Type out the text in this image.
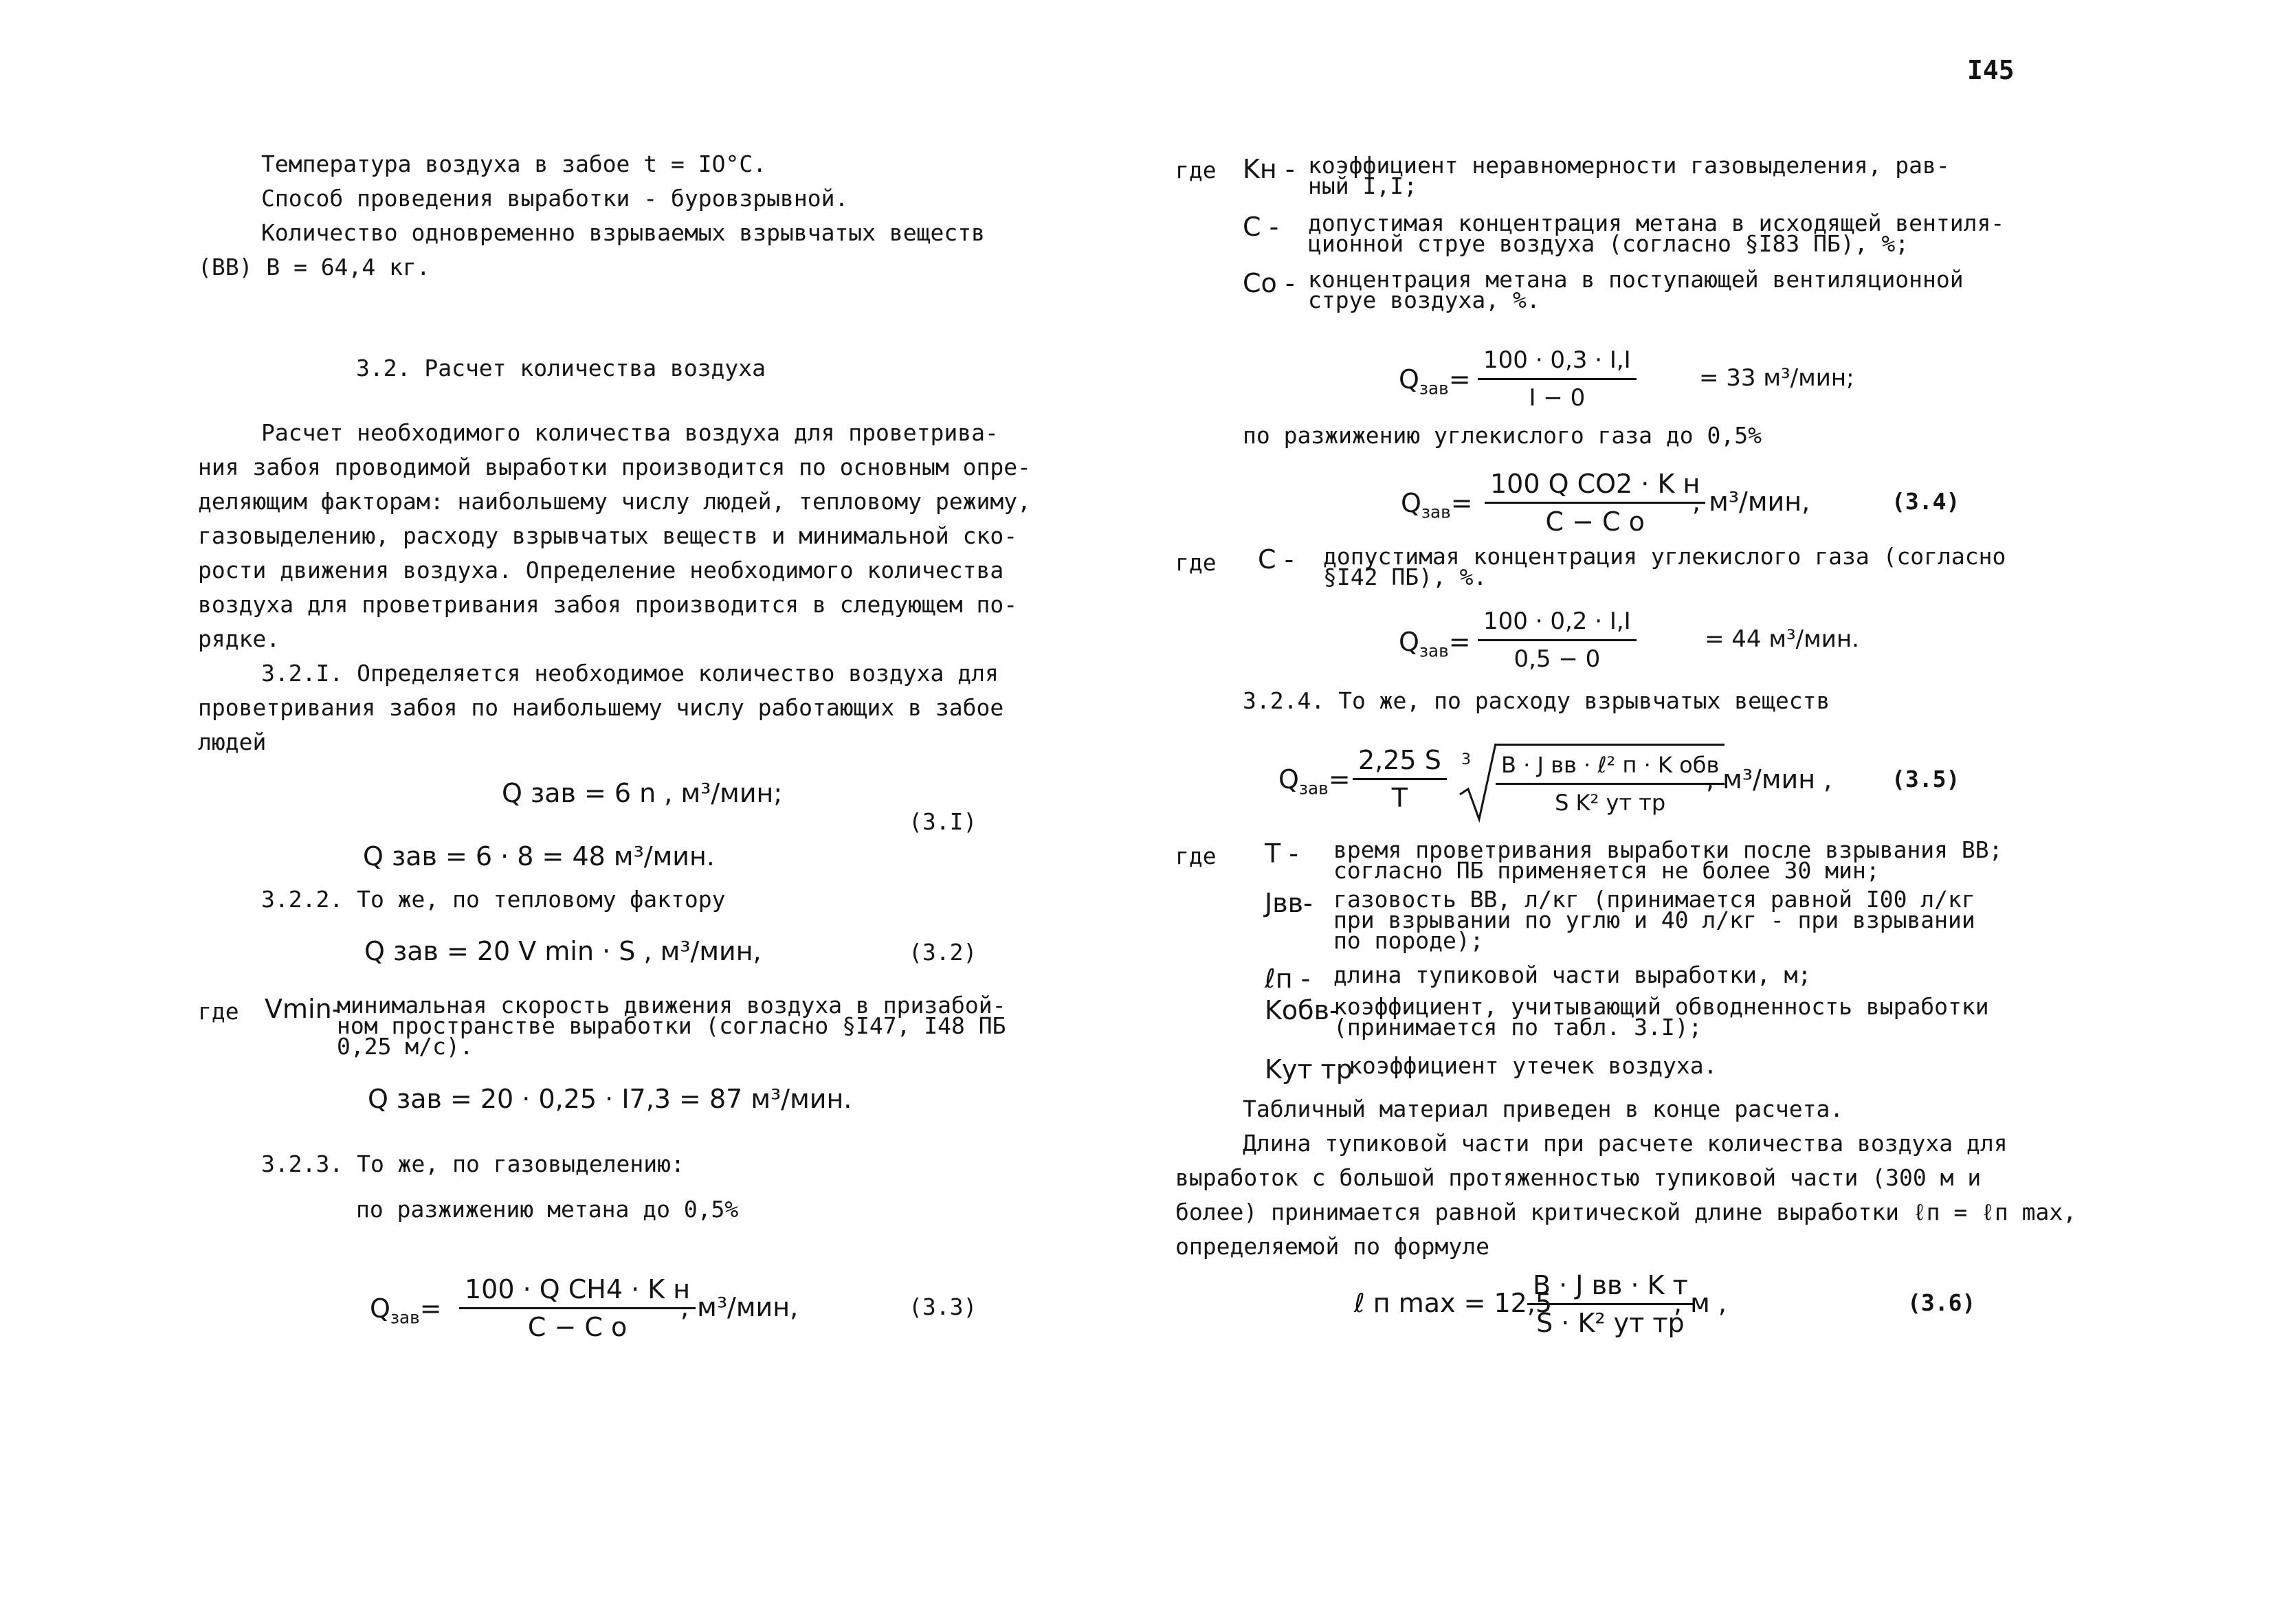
I45
Температура воздуха в забое t = IO°С.
Способ проведения выработки - буровзрывной.
Количество одновременно взрываемых взрывчатых веществ
(ВВ) В = 64,4 кг.
3.2. Расчет количества воздуха
Расчет необходимого количества воздуха для проветрива-
ния забоя проводимой выработки производится по основным опре-
деляющим факторам: наибольшему числу людей, тепловому режиму,
газовыделению, расходу взрывчатых веществ и минимальной ско-
рости движения воздуха. Определение необходимого количества
воздуха для проветривания забоя производится в следующем по-
рядке.
3.2.I. Определяется необходимое количество воздуха для
проветривания забоя по наибольшему числу работающих в забое
людей
Q зав = 6 n , м³/мин;
(3.I)
Q зав = 6 · 8 = 48 м³/мин.
3.2.2. То же, по тепловому фактору
Q зав = 20 V min · S , м³/мин,	(3.2)
где Vmin-
минимальная скорость движения воздуха в призабой-
ном пространстве выработки (согласно §I47, I48 ПБ
0,25 м/с).
Q зав = 20 · 0,25 · I7,3 = 87 м³/мин.
3.2.3. То же, по газовыделению:
по разжижению метана до 0,5%
$Q_{зав}=$
100 · Q CH4 · K н
C − C o
, м³/мин,	(3.3)
где Kн - коэффициент неравномерности газовыделения, рав-
ный I,I;
C - допустимая концентрация метана в исходящей вентиля-
ционной струе воздуха (согласно §I83 ПБ), %;
Co - концентрация метана в поступающей вентиляционной
струе воздуха, %.
$Q_{зав}= \frac{100 \cdot 0,3 \cdot I,I}{I - 0}$	= 33 м³/мин;
по разжижению углекислого газа до 0,5%
$Q_{зав}=$
100 Q CO2 · K н
C − C o
, м³/мин,	(3.4)
где C - допустимая концентрация углекислого газа (согласно
§I42 ПБ), %.
$Q_{зав}= \frac{100 \cdot 0,2 \cdot I,I}{0,5 - 0}$	= 44 м³/мин.
3.2.4. То же, по расходу взрывчатых веществ
$Q_{зав}= \frac{2,25 S}{T} 3$ B · J вв · ℓ² п · K обв
S K² ут тр
, м³/мин ,	(3.5)
где T - время проветривания выработки после взрывания ВВ;
согласно ПБ применяется не более 30 мин;
Jвв- газовость ВВ, л/кг (принимается равной I00 л/кг
при взрывании по углю и 40 л/кг - при взрывании
по породе);
ℓп - длина тупиковой части выработки, м;
Kобв-
коэффициент, учитывающий обводненность выработки
(принимается по табл. 3.I);
Kут тр
коэффициент утечек воздуха.
Табличный материал приведен в конце расчета.
Длина тупиковой части при расчете количества воздуха для
выработок с большой протяженностью тупиковой части (300 м и
более) принимается равной критической длине выработки ℓп = ℓп max,
определяемой по формуле
ℓ п max = 12,5
B · J вв · K т
S · K² ут тр
, м ,	(3.6)
